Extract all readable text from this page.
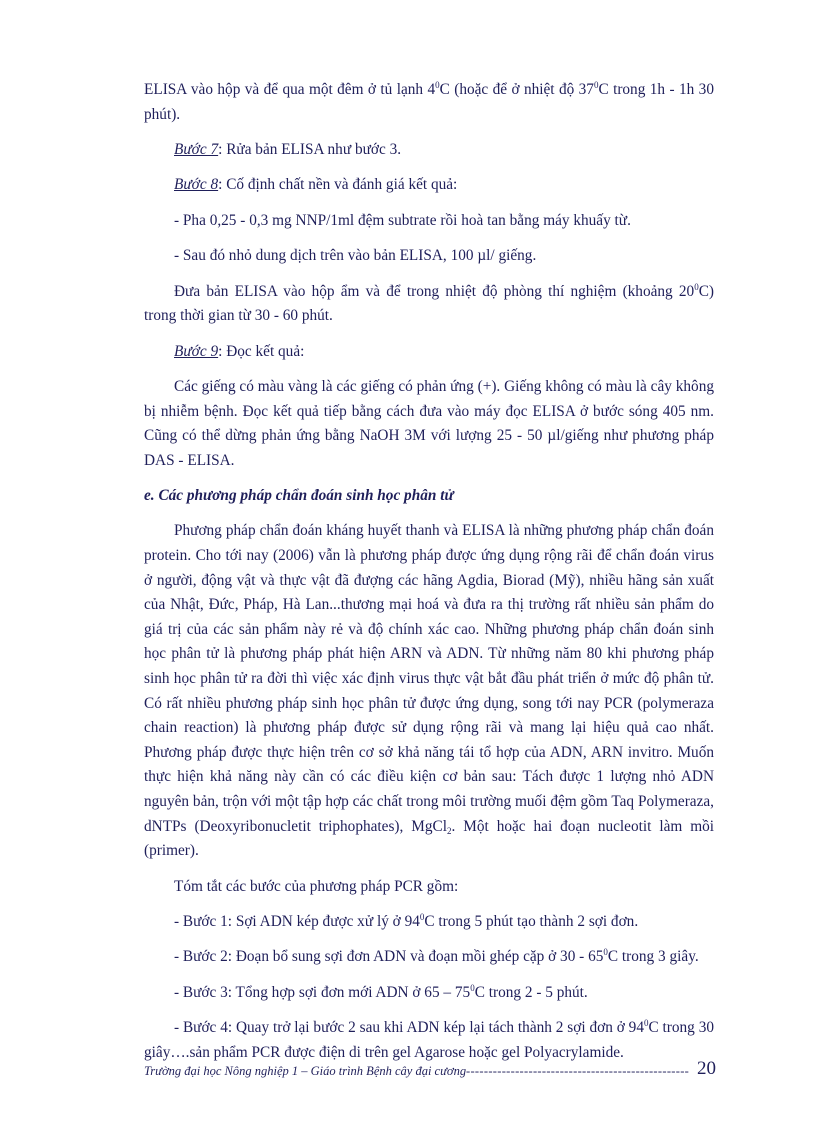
ELISA vào hộp và để qua một đêm ở tủ lạnh $4^0C$ (hoặc để ở nhiệt độ $37^0C$ trong 1h - 1h 30 phút).

Bước 7: Rửa bản ELISA như bước 3.

Bước 8: Cố định chất nền và đánh giá kết quả:

- Pha 0,25 - 0,3 mg NNP/1ml đệm subtrate rồi hoà tan bằng máy khuấy từ.

- Sau đó nhỏ dung dịch trên vào bản ELISA, 100 µl/ giếng.

Đưa bản ELISA vào hộp ẩm và để trong nhiệt độ phòng thí nghiệm (khoảng $20^0C$) trong thời gian từ 30 - 60 phút.

Bước 9: Đọc kết quả:

Các giếng có màu vàng là các giếng có phản ứng (+). Giếng không có màu là cây không bị nhiễm bệnh. Đọc kết quả tiếp bằng cách đưa vào máy đọc ELISA ở bước sóng 405 nm. Cũng có thể dừng phản ứng bằng NaOH 3M với lượng 25 - 50 µl/giếng như phương pháp DAS - ELISA.

e. Các phương pháp chẩn đoán sinh học phân tử

Phương pháp chẩn đoán kháng huyết thanh và ELISA là những phương pháp chẩn đoán protein. Cho tới nay (2006) vẫn là phương pháp được ứng dụng rộng rãi để chẩn đoán virus ở người, động vật và thực vật đã đượng các hãng Agdia, Biorad (Mỹ), nhiều hãng sản xuất của Nhật, Đức, Pháp, Hà Lan...thương mại hoá và đưa ra thị trường rất nhiều sản phẩm do giá trị của các sản phẩm này rẻ và độ chính xác cao. Những phương pháp chẩn đoán sinh học phân tử là phương pháp phát hiện ARN và ADN. Từ những năm 80 khi phương pháp sinh học phân tử ra đời thì việc xác định virus thực vật bắt đầu phát triển ở mức độ phân tử. Có rất nhiều phương pháp sinh học phân tử được ứng dụng, song tới nay PCR (polymeraza chain reaction) là phương pháp được sử dụng rộng rãi và mang lại hiệu quả cao nhất. Phương pháp được thực hiện trên cơ sở khả năng tái tổ hợp của ADN, ARN invitro. Muốn thực hiện khả năng này cần có các điều kiện cơ bản sau: Tách được 1 lượng nhỏ ADN nguyên bản, trộn với một tập hợp các chất trong môi trường muối đệm gồm Taq Polymeraza, dNTPs (Deoxyribonucletit triphophates), MgCl$_2$. Một hoặc hai đoạn nucleotit làm mồi (primer).

Tóm tắt các bước của phương pháp PCR gồm:

- Bước 1: Sợi ADN kép được xử lý ở $94^0C$ trong 5 phút tạo thành 2 sợi đơn.

- Bước 2: Đoạn bổ sung sợi đơn ADN và đoạn mồi ghép cặp ở $30 - 65^0C$ trong 3 giây.

- Bước 3: Tổng hợp sợi đơn mới ADN ở $65 - 75^0C$ trong 2 - 5 phút.

- Bước 4: Quay trở lại bước 2 sau khi ADN kép lại tách thành 2 sợi đơn ở $94^0C$ trong 30 giây….sản phẩm PCR được điện di trên gel Agarose hoặc gel Polyacrylamide.

Trường đại học Nông nghiệp 1 – Giáo trình Bệnh cây đại cương -------------------------------------------------- 20
